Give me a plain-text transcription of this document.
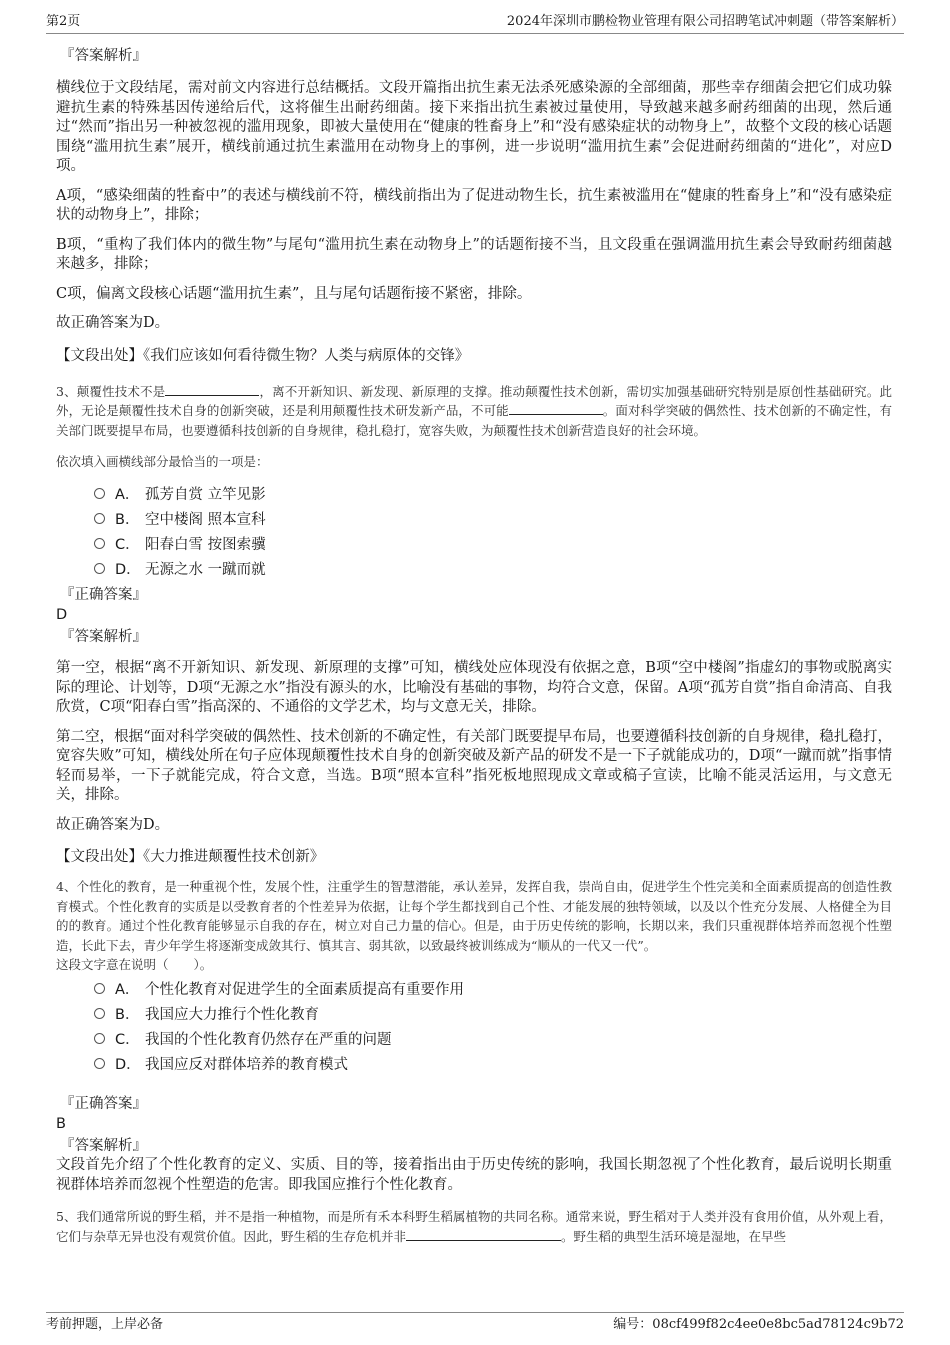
第2页	2024年深圳市鹏检物业管理有限公司招聘笔试冲刺题（带答案解析）
『答案解析』

横线位于文段结尾，需对前文内容进行总结概括。文段开篇指出抗生素无法杀死感染源的全部细菌，那些幸存细菌会把它们成功躲避抗生素的特殊基因传递给后代，这将催生出耐药细菌。接下来指出抗生素被过量使用，导致越来越多耐药细菌的出现，然后通过“然而”指出另一种被忽视的滥用现象，即被大量使用在“健康的牲畜身上”和“没有感染症状的动物身上”，故整个文段的核心话题围绕“滥用抗生素”展开，横线前通过抗生素滥用在动物身上的事例，进一步说明“滥用抗生素”会促进耐药细菌的“进化”，对应D项。

A项，“感染细菌的牲畜中”的表述与横线前不符，横线前指出为了促进动物生长，抗生素被滥用在“健康的牲畜身上”和“没有感染症状的动物身上”，排除；

B项，“重构了我们体内的微生物”与尾句“滥用抗生素在动物身上”的话题衔接不当，且文段重在强调滥用抗生素会导致耐药细菌越来越多，排除；

C项，偏离文段核心话题“滥用抗生素”，且与尾句话题衔接不紧密，排除。

故正确答案为D。

【文段出处】《我们应该如何看待微生物？人类与病原体的交锋》

3、颠覆性技术不是	，离不开新知识、新发现、新原理的支撑。推动颠覆性技术创新，需切实加强基础研究特别是原创性基础研究。此外，无论是颠覆性技术自身的创新突破，还是利用颠覆性技术研发新产品，不可能	。面对科学突破的偶然性、技术创新的不确定性，有关部门既要提早布局，也要遵循科技创新的自身规律，稳扎稳打，宽容失败，为颠覆性技术创新营造良好的社会环境。

依次填入画横线部分最恰当的一项是：

A． 孤芳自赏 立竿见影
B． 空中楼阁 照本宣科
C． 阳春白雪 按图索骥
D． 无源之水 一蹴而就
『正确答案』
D
『答案解析』

第一空，根据“离不开新知识、新发现、新原理的支撑”可知，横线处应体现没有依据之意，B项“空中楼阁”指虚幻的事物或脱离实际的理论、计划等，D项“无源之水”指没有源头的水，比喻没有基础的事物，均符合文意，保留。A项“孤芳自赏”指自命清高、自我欣赏，C项“阳春白雪”指高深的、不通俗的文学艺术，均与文意无关，排除。

第二空，根据“面对科学突破的偶然性、技术创新的不确定性，有关部门既要提早布局，也要遵循科技创新的自身规律，稳扎稳打，宽容失败”可知，横线处所在句子应体现颠覆性技术自身的创新突破及新产品的研发不是一下子就能成功的，D项“一蹴而就”指事情轻而易举，一下子就能完成，符合文意，当选。B项“照本宣科”指死板地照现成文章或稿子宣读，比喻不能灵活运用，与文意无关，排除。

故正确答案为D。

【文段出处】《大力推进颠覆性技术创新》

4、个性化的教育，是一种重视个性，发展个性，注重学生的智慧潜能，承认差异，发挥自我，崇尚自由，促进学生个性完美和全面素质提高的创造性教育模式。个性化教育的实质是以受教育者的个性差异为依据，让每个学生都找到自己个性、才能发展的独特领域，以及以个性充分发展、人格健全为目的的教育。通过个性化教育能够显示自我的存在，树立对自己力量的信心。但是，由于历史传统的影响，长期以来，我们只重视群体培养而忽视个性塑造，长此下去，青少年学生将逐渐变成敛其行、慎其言、弱其欲，以致最终被训练成为“顺从的一代又一代”。

这段文字意在说明（　　）。

A． 个性化教育对促进学生的全面素质提高有重要作用
B． 我国应大力推行个性化教育
C． 我国的个性化教育仍然存在严重的问题
D． 我国应反对群体培养的教育模式
『正确答案』
B
『答案解析』

文段首先介绍了个性化教育的定义、实质、目的等，接着指出由于历史传统的影响，我国长期忽视了个性化教育，最后说明长期重视群体培养而忽视个性塑造的危害。即我国应推行个性化教育。

5、我们通常所说的野生稻，并不是指一种植物，而是所有禾本科野生稻属植物的共同名称。通常来说，野生稻对于人类并没有食用价值，从外观上看，它们与杂草无异也没有观赏价值。因此，野生稻的生存危机并非	。野生稻的典型生活环境是湿地，在早些

考前押题，上岸必备	编号：08cf499f82c4ee0e8bc5ad78124c9b72
